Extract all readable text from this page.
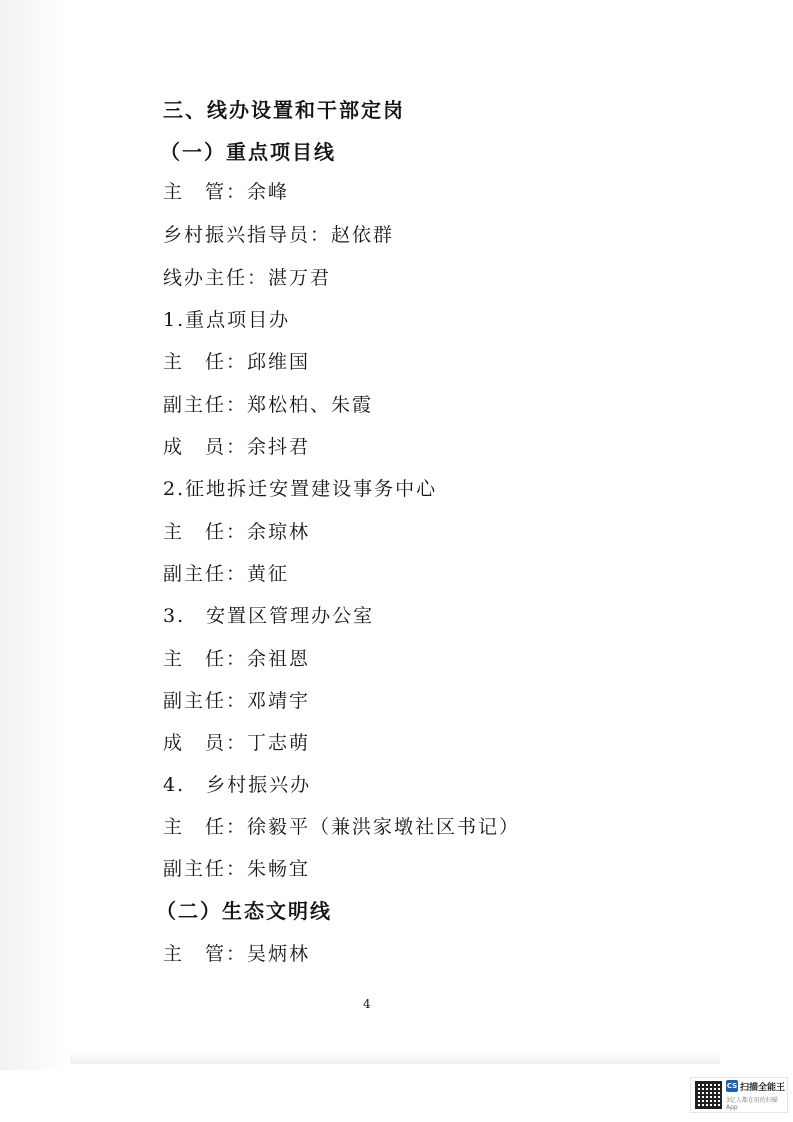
三、线办设置和干部定岗
（一）重点项目线
主　管：余峰
乡村振兴指导员：赵依群
线办主任：湛万君
1.重点项目办
主　任：邱维国
副主任：郑松柏、朱霞
成　员：余抖君
2.征地拆迁安置建设事务中心
主　任：余琼林
副主任：黄征
3.　安置区管理办公室
主　任：余祖恩
副主任：邓靖宇
成　员：丁志萌
4.　乡村振兴办
主　任：徐毅平（兼洪家墩社区书记）
副主任：朱畅宜
（二）生态文明线
主　管：吴炳林
4
CS 扫描全能王
3亿人都在用的扫描App
